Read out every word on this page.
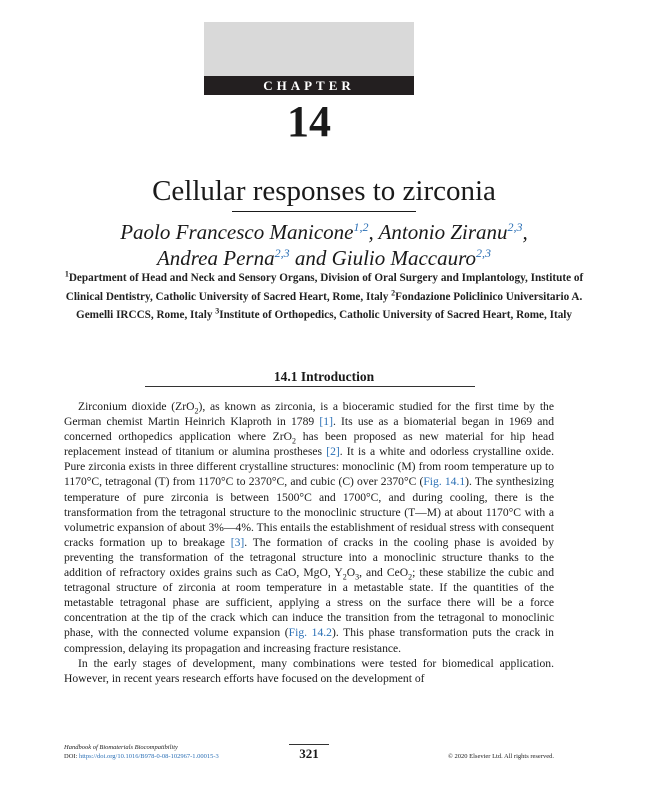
CHAPTER
14
Cellular responses to zirconia
Paolo Francesco Manicone$^{1,2}$, Antonio Ziranu$^{2,3}$,
Andrea Perna$^{2,3}$ and Giulio Maccauro$^{2,3}$
$^1$Department of Head and Neck and Sensory Organs, Division of Oral Surgery and Implantology, Institute of Clinical Dentistry, Catholic University of Sacred Heart, Rome, Italy $^2$Fondazione Policlinico Universitario A. Gemelli IRCCS, Rome, Italy $^3$Institute of Orthopedics, Catholic University of Sacred Heart, Rome, Italy
14.1 Introduction

Zirconium dioxide (ZrO$_2$), as known as zirconia, is a bioceramic studied for the first time by the German chemist Martin Heinrich Klaproth in 1789 [1]. Its use as a biomaterial began in 1969 and concerned orthopedics application where ZrO$_2$ has been proposed as new material for hip head replacement instead of titanium or alumina prostheses [2]. It is a white and odorless crystalline oxide. Pure zirconia exists in three different crystalline structures: monoclinic (M) from room temperature up to 1170°C, tetragonal (T) from 1170°C to 2370°C, and cubic (C) over 2370°C (Fig. 14.1). The synthesizing temperature of pure zirconia is between 1500°C and 1700°C, and during cooling, there is the transformation from the tetragonal structure to the monoclinic structure (T—M) at about 1170°C with a volumetric expansion of about 3%—4%. This entails the establishment of residual stress with consequent cracks formation up to breakage [3]. The formation of cracks in the cooling phase is avoided by preventing the transformation of the tetragonal structure into a monoclinic structure thanks to the addition of refractory oxides grains such as CaO, MgO, $Y_2O_3$, and CeO$_2$; these stabilize the cubic and tetragonal structure of zirconia at room temperature in a metastable state. If the quantities of the metastable tetragonal phase are sufficient, applying a stress on the surface there will be a force concentration at the tip of the crack which can induce the transition from the tetragonal to monoclinic phase, with the connected volume expansion (Fig. 14.2). This phase transformation puts the crack in compression, delaying its propagation and increasing fracture resistance.

In the early stages of development, many combinations were tested for biomedical application. However, in recent years research efforts have focused on the development of

Handbook of Biomaterials Biocompatibility
DOI: https://doi.org/10.1016/B978-0-08-102967-1.00015-3	321	© 2020 Elsevier Ltd. All rights reserved.
